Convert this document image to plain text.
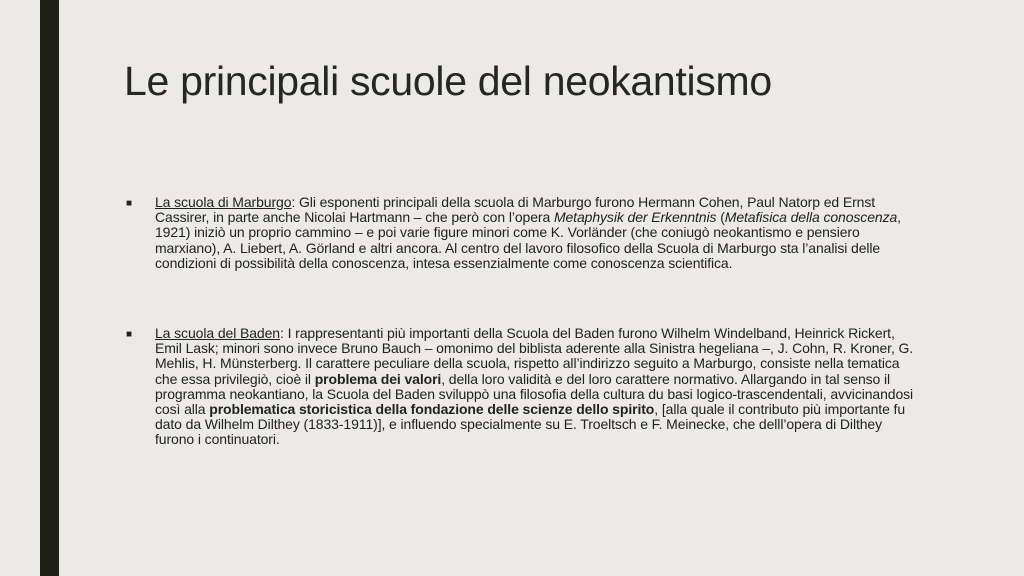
Le principali scuole del neokantismo
■ La scuola di Marburgo: Gli esponenti principali della scuola di Marburgo furono Hermann Cohen, Paul Natorp ed Ernst Cassirer, in parte anche Nicolai Hartmann – che però con l’opera Metaphysik der Erkenntnis (Metafisica della conoscenza, 1921) iniziò un proprio cammino – e poi varie figure minori come K. Vorländer (che coniugò neokantismo e pensiero marxiano), A. Liebert, A. Görland e altri ancora. Al centro del lavoro filosofico della Scuola di Marburgo sta l’analisi delle condizioni di possibilità della conoscenza, intesa essenzialmente come conoscenza scientifica.
■ La scuola del Baden: I rappresentanti più importanti della Scuola del Baden furono Wilhelm Windelband, Heinrick Rickert, Emil Lask; minori sono invece Bruno Bauch – omonimo del biblista aderente alla Sinistra hegeliana –, J. Cohn, R. Kroner, G. Mehlis, H. Münsterberg. Il carattere peculiare della scuola, rispetto all’indirizzo seguito a Marburgo, consiste nella tematica che essa privilegiò, cioè il problema dei valori, della loro validità e del loro carattere normativo. Allargando in tal senso il programma neokantiano, la Scuola del Baden sviluppò una filosofia della cultura du basi logico-trascendentali, avvicinandosi così alla problematica storicistica della fondazione delle scienze dello spirito, [alla quale il contributo più importante fu dato da Wilhelm Dilthey (1833-1911)], e influendo specialmente su E. Troeltsch e F. Meinecke, che delll’opera di Dilthey furono i continuatori.
